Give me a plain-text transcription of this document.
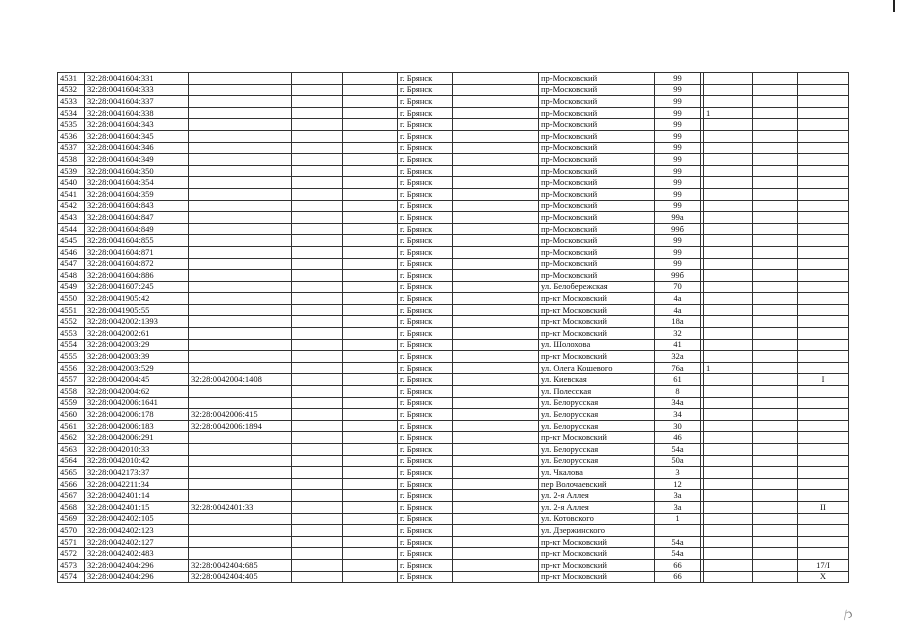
⁄ↄ
4531	32:28:0041604:331				г. Брянск		пр-Московский	99				
4532	32:28:0041604:333				г. Брянск		пр-Московский	99				
4533	32:28:0041604:337				г. Брянск		пр-Московский	99				
4534	32:28:0041604:338				г. Брянск		пр-Московский	99		1		
4535	32:28:0041604:343				г. Брянск		пр-Московский	99				
4536	32:28:0041604:345				г. Брянск		пр-Московский	99				
4537	32:28:0041604:346				г. Брянск		пр-Московский	99				
4538	32:28:0041604:349				г. Брянск		пр-Московский	99				
4539	32:28:0041604:350				г. Брянск		пр-Московский	99				
4540	32:28:0041604:354				г. Брянск		пр-Московский	99				
4541	32:28:0041604:359				г. Брянск		пр-Московский	99				
4542	32:28:0041604:843				г. Брянск		пр-Московский	99				
4543	32:28:0041604:847				г. Брянск		пр-Московский	99а				
4544	32:28:0041604:849				г. Брянск		пр-Московский	99б				
4545	32:28:0041604:855				г. Брянск		пр-Московский	99				
4546	32:28:0041604:871				г. Брянск		пр-Московский	99				
4547	32:28:0041604:872				г. Брянск		пр-Московский	99				
4548	32:28:0041604:886				г. Брянск		пр-Московский	99б				
4549	32:28:0041607:245				г. Брянск		ул. Белобережская	70				
4550	32:28:0041905:42				г. Брянск		пр-кт Московский	4а				
4551	32:28:0041905:55				г. Брянск		пр-кт Московский	4а				
4552	32:28:0042002:1393				г. Брянск		пр-кт Московский	18а				
4553	32:28:0042002:61				г. Брянск		пр-кт Московский	32				
4554	32:28:0042003:29				г. Брянск		ул. Шолохова	41				
4555	32:28:0042003:39				г. Брянск		пр-кт Московский	32а				
4556	32:28:0042003:529				г. Брянск		ул. Олега Кошевого	76а		1		
4557	32:28:0042004:45	32:28:0042004:1408			г. Брянск		ул. Киевская	61				I
4558	32:28:0042004:62				г. Брянск		ул. Полесская	8				
4559	32:28:0042006:1641				г. Брянск		ул. Белорусская	34а				
4560	32:28:0042006:178	32:28:0042006:415			г. Брянск		ул. Белорусская	34				
4561	32:28:0042006:183	32:28:0042006:1894			г. Брянск		ул. Белорусская	30				
4562	32:28:0042006:291				г. Брянск		пр-кт Московский	46				
4563	32:28:0042010:33				г. Брянск		ул. Белорусская	54а				
4564	32:28:0042010:42				г. Брянск		ул. Белорусская	50а				
4565	32:28:0042173:37				г. Брянск		ул. Чкалова	3				
4566	32:28:0042211:34				г. Брянск		пер Волочаевский	12				
4567	32:28:0042401:14				г. Брянск		ул. 2-я Аллея	3а				
4568	32:28:0042401:15	32:28:0042401:33			г. Брянск		ул. 2-я Аллея	3а				II
4569	32:28:0042402:105				г. Брянск		ул. Котовского	1				
4570	32:28:0042402:123				г. Брянск		ул. Дзержинского					
4571	32:28:0042402:127				г. Брянск		пр-кт Московский	54а				
4572	32:28:0042402:483				г. Брянск		пр-кт Московский	54а				
4573	32:28:0042404:296	32:28:0042404:685			г. Брянск		пр-кт Московский	66				17/I
4574	32:28:0042404:296	32:28:0042404:405			г. Брянск		пр-кт Московский	66				X
